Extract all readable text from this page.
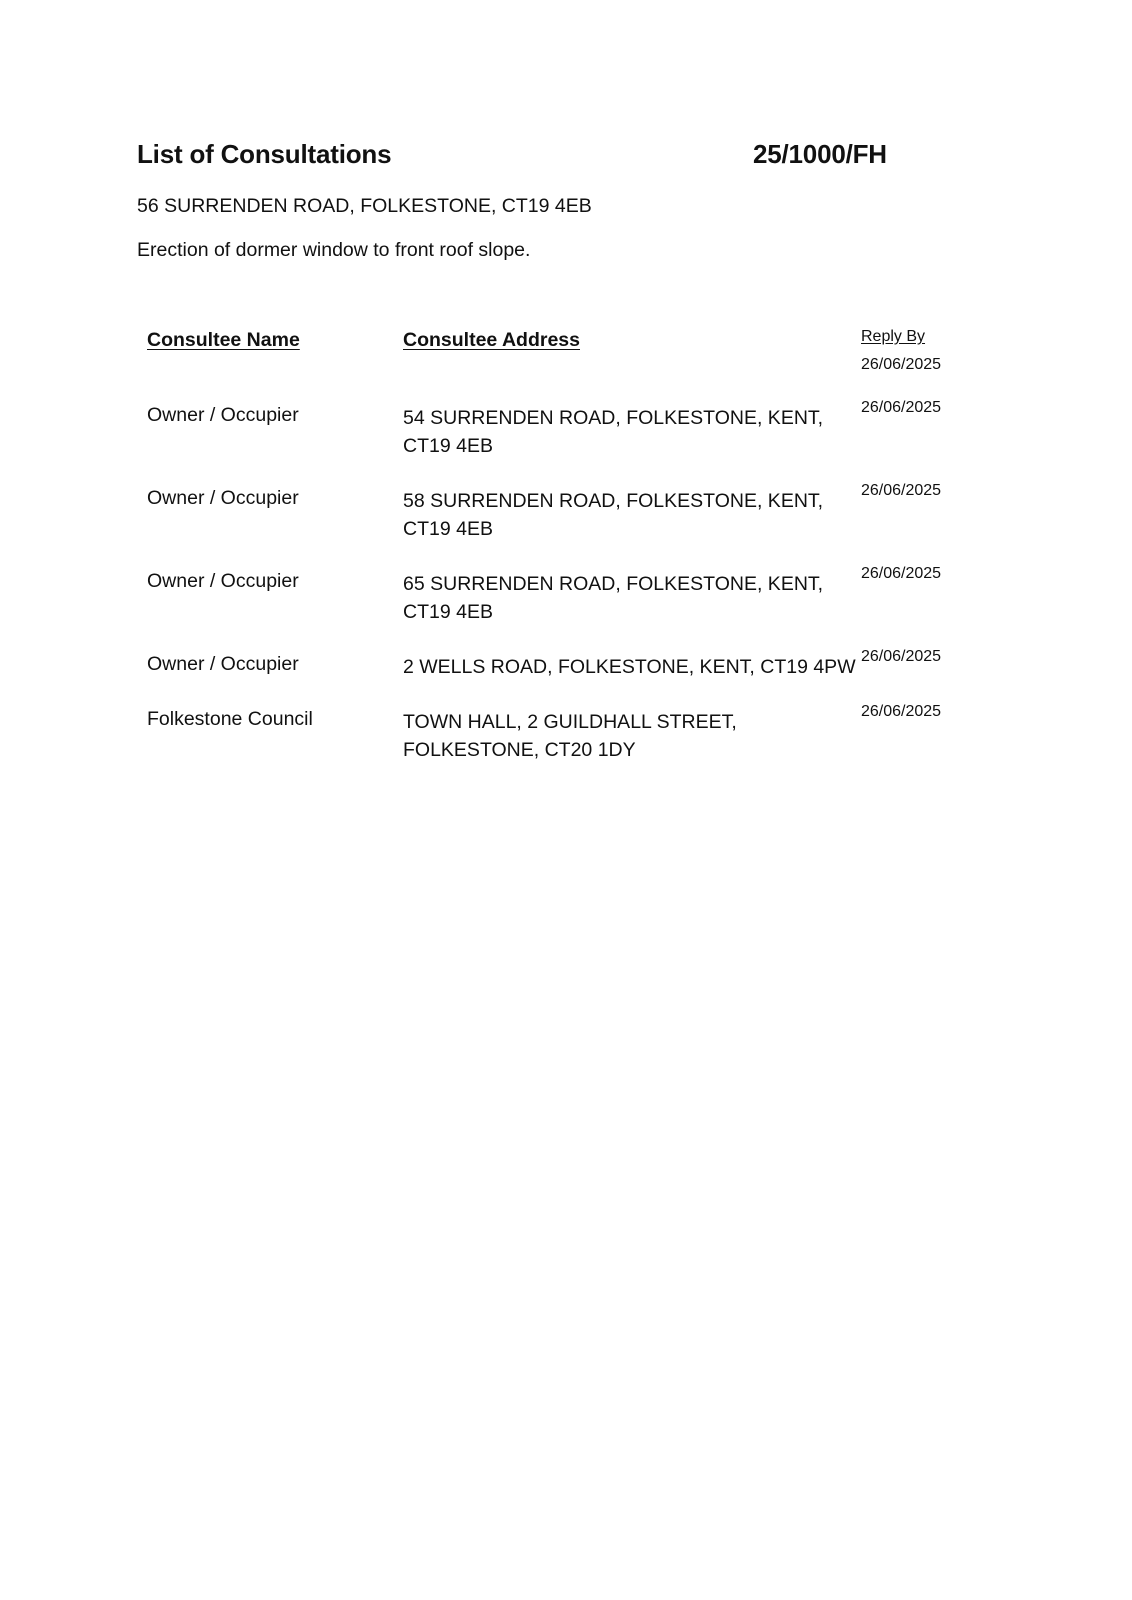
List of Consultations	25/1000/FH
56 SURRENDEN ROAD, FOLKESTONE, CT19 4EB
Erection of dormer window to front roof slope.
Consultee Name	Consultee Address	Reply By
26/06/2025
Owner / Occupier	54 SURRENDEN ROAD, FOLKESTONE, KENT,
CT19 4EB
26/06/2025
Owner / Occupier	58 SURRENDEN ROAD, FOLKESTONE, KENT,
CT19 4EB
26/06/2025
Owner / Occupier	65 SURRENDEN ROAD, FOLKESTONE, KENT,
CT19 4EB
26/06/2025
Owner / Occupier	2 WELLS ROAD, FOLKESTONE, KENT, CT19 4PW 26/06/2025
Folkestone Council	TOWN HALL, 2 GUILDHALL STREET,
FOLKESTONE, CT20 1DY
26/06/2025
